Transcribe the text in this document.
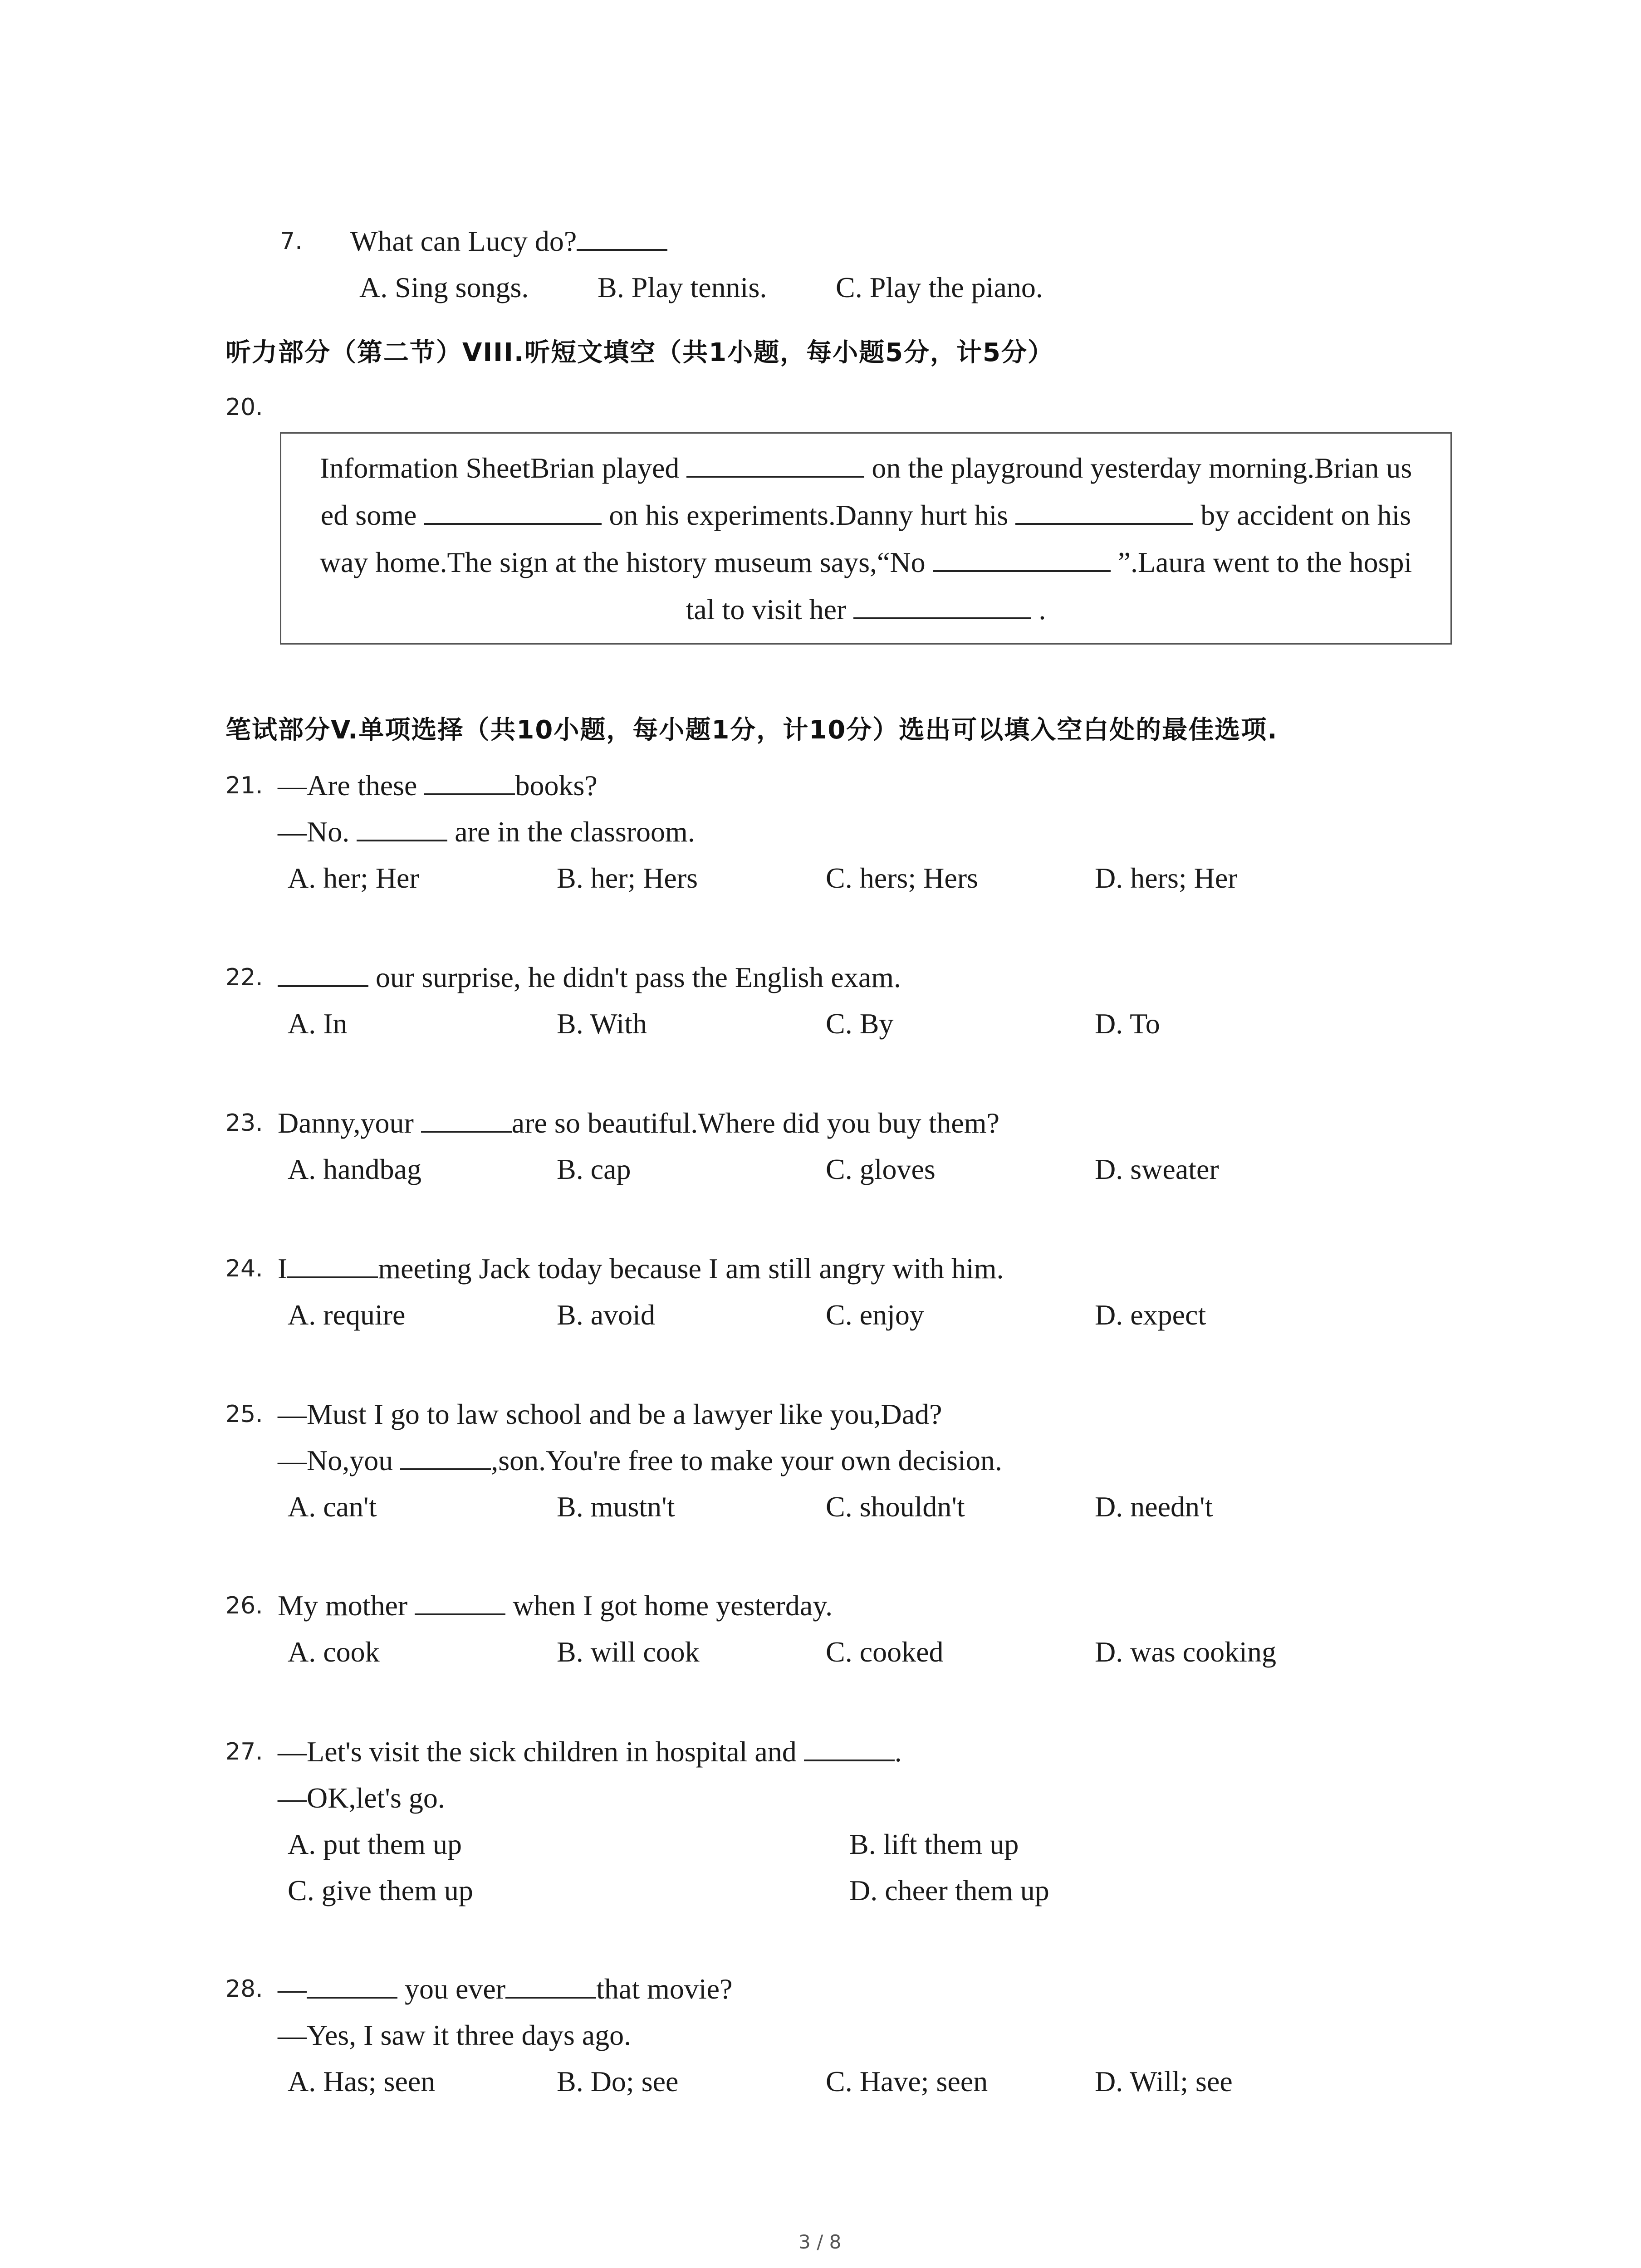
7. What can Lucy do?
A. Sing songs. B. Play tennis. C. Play the piano.
听力部分（第二节）VIII.听短文填空（共1小题，每小题5分，计5分）
20.
Information SheetBrian played	on the playground yesterday morning.Brian us
ed some	on his experiments.Danny hurt his	by accident on his
way home.The sign at the history museum says,“No	”.Laura went to the hospi
tal to visit her	.
笔试部分V.单项选择（共10小题，每小题1分，计10分）选出可以填入空白处的最佳选项.
21. —Are these	books?
—No.	are in the classroom.
A. her; Her	B. her; Hers	C. hers; Hers	D. hers; Her
22.	our surprise, he didn't pass the English exam.
A. In	B. With	C. By	D. To
23. Danny,your	are so beautiful.Where did you buy them?
A. handbag	B. cap	C. gloves	D. sweater
24. I	meeting Jack today because I am still angry with him.
A. require	B. avoid	C. enjoy	D. expect
25. —Must I go to law school and be a lawyer like you,Dad?
—No,you	,son.You're free to make your own decision.
A. can't	B. mustn't	C. shouldn't	D. needn't
26. My mother	when I got home yesterday.
A. cook	B. will cook	C. cooked	D. was cooking
27. —Let's visit the sick children in hospital and	.
—OK,let's go.
A. put them up	B. lift them up
C. give them up	D. cheer them up
28. —	you ever	that movie?
—Yes, I saw it three days ago.
A. Has; seen	B. Do; see	C. Have; seen	D. Will; see
3 / 8
